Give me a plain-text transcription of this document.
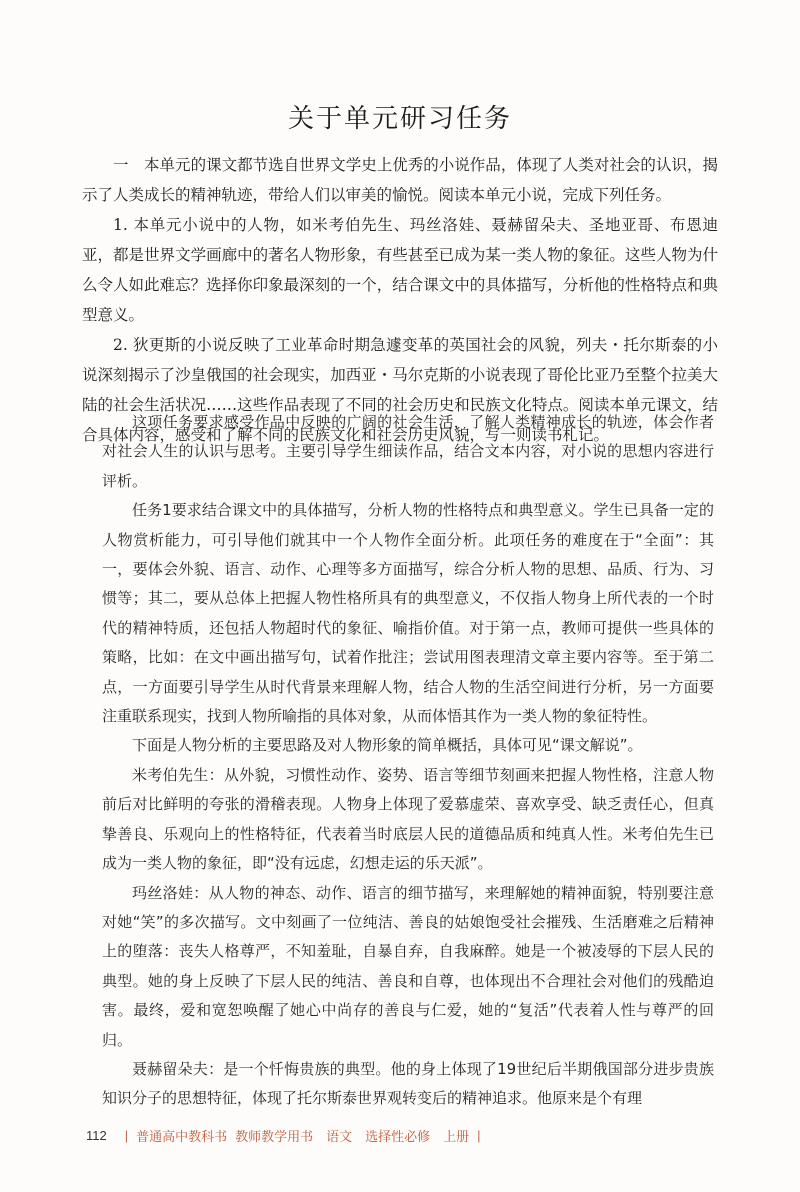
关于单元研习任务

一　本单元的课文都节选自世界文学史上优秀的小说作品，体现了人类对社会的认识，揭示了人类成长的精神轨迹，带给人们以审美的愉悦。阅读本单元小说，完成下列任务。

1. 本单元小说中的人物，如米考伯先生、玛丝洛娃、聂赫留朵夫、圣地亚哥、布恩迪亚，都是世界文学画廊中的著名人物形象，有些甚至已成为某一类人物的象征。这些人物为什么令人如此难忘？选择你印象最深刻的一个，结合课文中的具体描写，分析他的性格特点和典型意义。

2. 狄更斯的小说反映了工业革命时期急遽变革的英国社会的风貌，列夫・托尔斯泰的小说深刻揭示了沙皇俄国的社会现实，加西亚・马尔克斯的小说表现了哥伦比亚乃至整个拉美大陆的社会生活状况……这些作品表现了不同的社会历史和民族文化特点。阅读本单元课文，结合具体内容，感受和了解不同的民族文化和社会历史风貌，写一则读书札记。

这项任务要求感受作品中反映的广阔的社会生活，了解人类精神成长的轨迹，体会作者对社会人生的认识与思考。主要引导学生细读作品，结合文本内容，对小说的思想内容进行评析。

任务1要求结合课文中的具体描写，分析人物的性格特点和典型意义。学生已具备一定的人物赏析能力，可引导他们就其中一个人物作全面分析。此项任务的难度在于“全面”：其一，要体会外貌、语言、动作、心理等多方面描写，综合分析人物的思想、品质、行为、习惯等；其二，要从总体上把握人物性格所具有的典型意义，不仅指人物身上所代表的一个时代的精神特质，还包括人物超时代的象征、喻指价值。对于第一点，教师可提供一些具体的策略，比如：在文中画出描写句，试着作批注；尝试用图表理清文章主要内容等。至于第二点，一方面要引导学生从时代背景来理解人物，结合人物的生活空间进行分析，另一方面要注重联系现实，找到人物所喻指的具体对象，从而体悟其作为一类人物的象征特性。

下面是人物分析的主要思路及对人物形象的简单概括，具体可见“课文解说”。

米考伯先生：从外貌，习惯性动作、姿势、语言等细节刻画来把握人物性格，注意人物前后对比鲜明的夸张的滑稽表现。人物身上体现了爱慕虚荣、喜欢享受、缺乏责任心，但真挚善良、乐观向上的性格特征，代表着当时底层人民的道德品质和纯真人性。米考伯先生已成为一类人物的象征，即“没有远虑，幻想走运的乐天派”。

玛丝洛娃：从人物的神态、动作、语言的细节描写，来理解她的精神面貌，特别要注意对她“笑”的多次描写。文中刻画了一位纯洁、善良的姑娘饱受社会摧残、生活磨难之后精神上的堕落：丧失人格尊严，不知羞耻，自暴自弃，自我麻醉。她是一个被凌辱的下层人民的典型。她的身上反映了下层人民的纯洁、善良和自尊，也体现出不合理社会对他们的残酷迫害。最终，爱和宽恕唤醒了她心中尚存的善良与仁爱，她的“复活”代表着人性与尊严的回归。

聂赫留朵夫：是一个忏悔贵族的典型。他的身上体现了19世纪后半期俄国部分进步贵族知识分子的思想特征，体现了托尔斯泰世界观转变后的精神追求。他原来是个有理

112 | 普通高中教科书 教师教学用书　语文　选择性必修　上册 |
